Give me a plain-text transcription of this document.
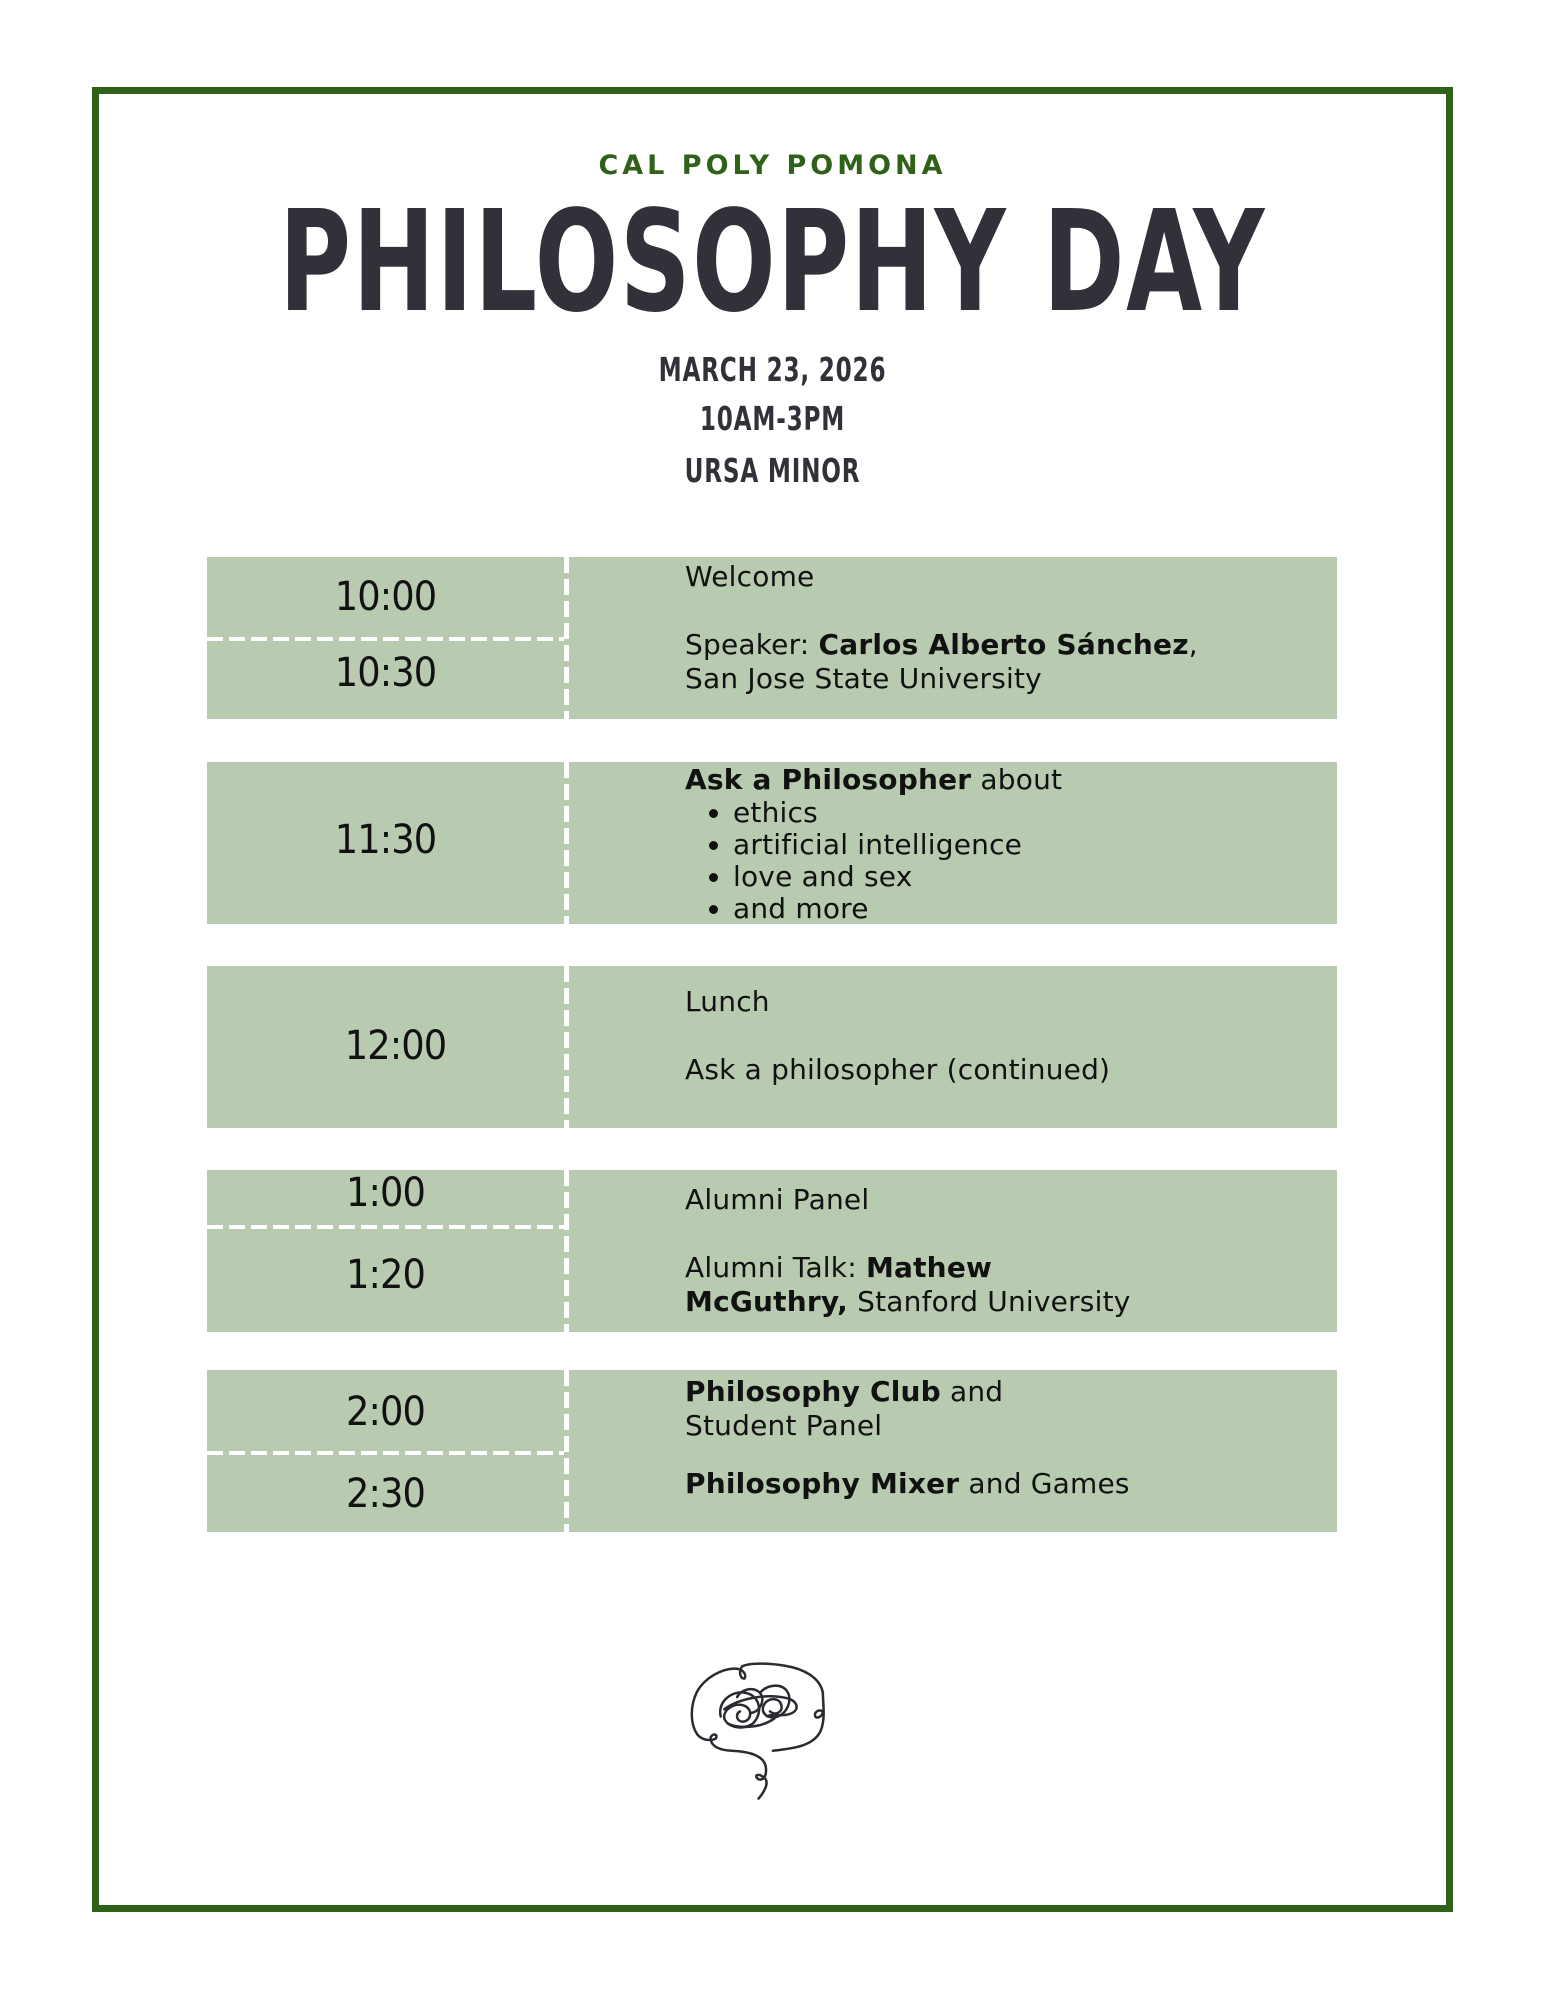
CAL POLY POMONA
PHILOSOPHY DAY
MARCH 23, 2026
10AM-3PM
URSA MINOR
10:00
10:30
Welcome
Speaker: Carlos Alberto Sánchez,
San Jose State University
11:30
Ask a Philosopher about
• ethics
• artificial intelligence
• love and sex
• and more
12:00
Lunch
Ask a philosopher (continued)
1:00
1:20
Alumni Panel
Alumni Talk: Mathew
McGuthry, Stanford University
2:00
2:30
Philosophy Club and
Student Panel
Philosophy Mixer and Games
